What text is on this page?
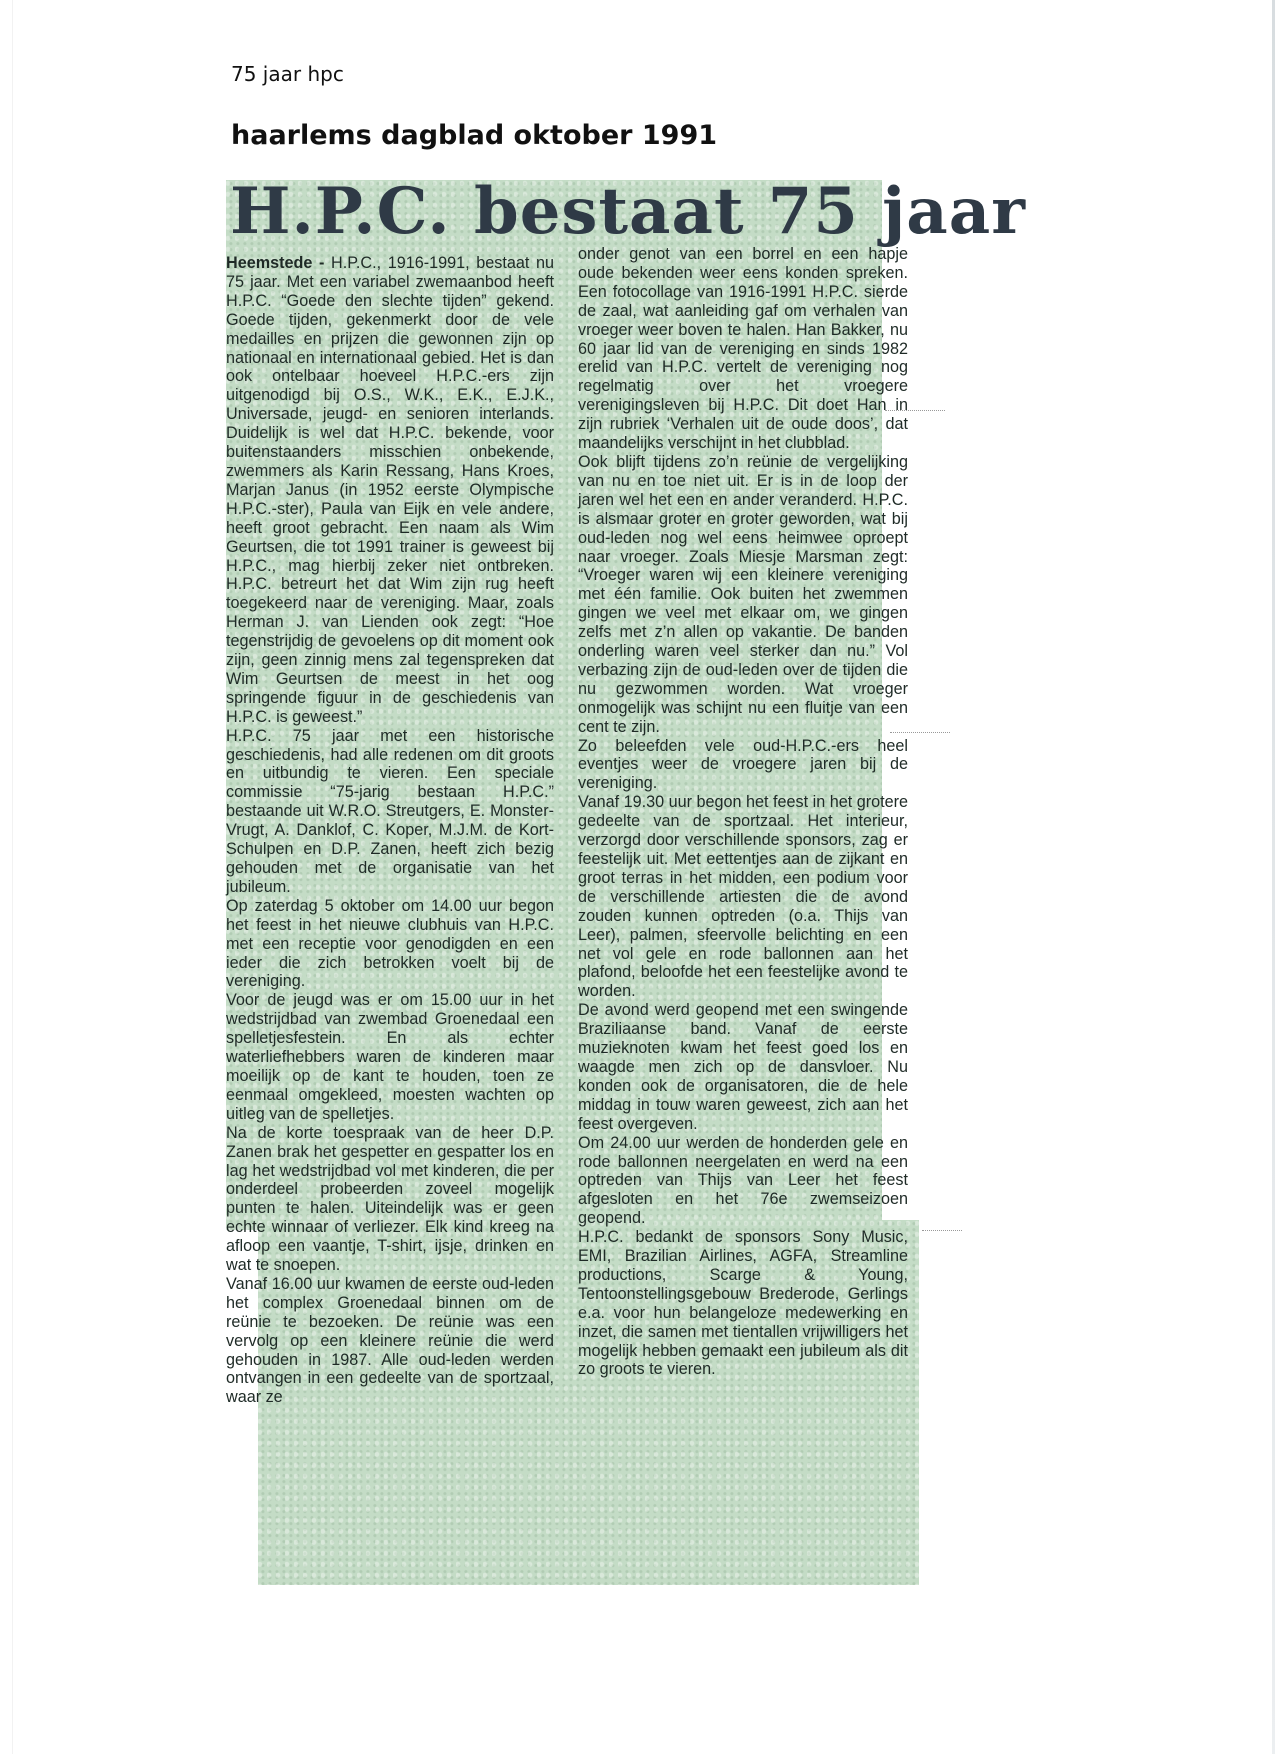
75 jaar hpc
haarlems dagblad oktober 1991
H.P.C. bestaat 75 jaar

Heemstede - H.P.C., 1916-1991, bestaat nu 75 jaar. Met een variabel zwemaanbod heeft H.P.C. “Goede den slechte tijden” gekend. Goede tijden, gekenmerkt door de vele medailles en prijzen die gewonnen zijn op nationaal en internationaal gebied. Het is dan ook ontelbaar hoeveel H.P.C.-ers zijn uitgenodigd bij O.S., W.K., E.K., E.J.K., Universade, jeugd- en senioren interlands. Duidelijk is wel dat H.P.C. bekende, voor buitenstaanders misschien onbekende, zwemmers als Karin Ressang, Hans Kroes, Marjan Janus (in 1952 eerste Olympische H.P.C.-ster), Paula van Eijk en vele andere, heeft groot gebracht. Een naam als Wim Geurtsen, die tot 1991 trainer is geweest bij H.P.C., mag hierbij zeker niet ontbreken. H.P.C. betreurt het dat Wim zijn rug heeft toegekeerd naar de vereniging. Maar, zoals Herman J. van Lienden ook zegt: “Hoe tegenstrijdig de gevoelens op dit moment ook zijn, geen zinnig mens zal tegenspreken dat Wim Geurtsen de meest in het oog springende figuur in de geschiedenis van H.P.C. is geweest.”

H.P.C. 75 jaar met een historische geschiedenis, had alle redenen om dit groots en uitbundig te vieren. Een speciale commissie “75-jarig bestaan H.P.C.” bestaande uit W.R.O. Streutgers, E. Monster-Vrugt, A. Danklof, C. Koper, M.J.M. de Kort-Schulpen en D.P. Zanen, heeft zich bezig gehouden met de organisatie van het jubileum.

Op zaterdag 5 oktober om 14.00 uur begon het feest in het nieuwe clubhuis van H.P.C. met een receptie voor genodigden en een ieder die zich betrokken voelt bij de vereniging.

Voor de jeugd was er om 15.00 uur in het wedstrijdbad van zwembad Groenedaal een spelletjesfestein. En als echter waterliefhebbers waren de kinderen maar moeilijk op de kant te houden, toen ze eenmaal omgekleed, moesten wachten op uitleg van de spelletjes.

Na de korte toespraak van de heer D.P. Zanen brak het gespetter en gespatter los en lag het wedstrijdbad vol met kinderen, die per onderdeel probeerden zoveel mogelijk punten te halen. Uiteindelijk was er geen echte winnaar of verliezer. Elk kind kreeg na afloop een vaantje, T-shirt, ijsje, drinken en wat te snoepen.

Vanaf 16.00 uur kwamen de eerste oud-leden het complex Groenedaal binnen om de reünie te bezoeken. De reünie was een vervolg op een kleinere reünie die werd gehouden in 1987. Alle oud-leden werden ontvangen in een gedeelte van de sportzaal, waar ze

onder genot van een borrel en een hapje oude bekenden weer eens konden spreken. Een fotocollage van 1916-1991 H.P.C. sierde de zaal, wat aanleiding gaf om verhalen van vroeger weer boven te halen. Han Bakker, nu 60 jaar lid van de vereniging en sinds 1982 erelid van H.P.C. vertelt de vereniging nog regelmatig over het vroegere verenigingsleven bij H.P.C. Dit doet Han in zijn rubriek ‘Verhalen uit de oude doos’, dat maandelijks verschijnt in het clubblad.

Ook blijft tijdens zo’n reünie de vergelijking van nu en toe niet uit. Er is in de loop der jaren wel het een en ander veranderd. H.P.C. is alsmaar groter en groter geworden, wat bij oud-leden nog wel eens heimwee oproept naar vroeger. Zoals Miesje Marsman zegt: “Vroeger waren wij een kleinere vereniging met één familie. Ook buiten het zwemmen gingen we veel met elkaar om, we gingen zelfs met z’n allen op vakantie. De banden onderling waren veel sterker dan nu.” Vol verbazing zijn de oud-leden over de tijden die nu gezwommen worden. Wat vroeger onmogelijk was schijnt nu een fluitje van een cent te zijn.

Zo beleefden vele oud-H.P.C.-ers heel eventjes weer de vroegere jaren bij de vereniging.

Vanaf 19.30 uur begon het feest in het grotere gedeelte van de sportzaal. Het interieur, verzorgd door verschillende sponsors, zag er feestelijk uit. Met eettentjes aan de zijkant en groot terras in het midden, een podium voor de verschillende artiesten die de avond zouden kunnen optreden (o.a. Thijs van Leer), palmen, sfeervolle belichting en een net vol gele en rode ballonnen aan het plafond, beloofde het een feestelijke avond te worden.

De avond werd geopend met een swingende Braziliaanse band. Vanaf de eerste muzieknoten kwam het feest goed los en waagde men zich op de dansvloer. Nu konden ook de organisatoren, die de hele middag in touw waren geweest, zich aan het feest overgeven.

Om 24.00 uur werden de honderden gele en rode ballonnen neergelaten en werd na een optreden van Thijs van Leer het feest afgesloten en het 76e zwemseizoen geopend.

H.P.C. bedankt de sponsors Sony Music, EMI, Brazilian Airlines, AGFA, Streamline productions, Scarge & Young, Tentoonstellingsgebouw Brederode, Gerlings e.a. voor hun belangeloze medewerking en inzet, die samen met tientallen vrijwilligers het mogelijk hebben gemaakt een jubileum als dit zo groots te vieren.
